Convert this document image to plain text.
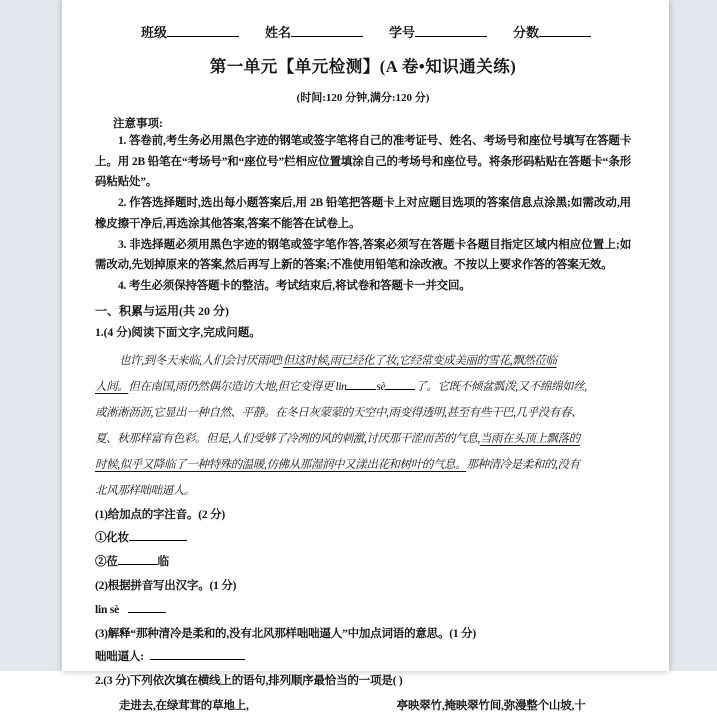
班级	姓名	学号	分数
第一单元【单元检测】(A 卷•知识通关练)
(时间:120 分钟,满分:120 分)
注意事项:
1. 答卷前,考生务必用黑色字迹的钢笔或签字笔将自己的准考证号、姓名、考场号和座位号填写在答题卡上。用 2B 铅笔在“考场号”和“座位号”栏相应位置填涂自己的考场号和座位号。将条形码粘贴在答题卡“条形码粘贴处”。
2. 作答选择题时,选出每小题答案后,用 2B 铅笔把答题卡上对应题目选项的答案信息点涂黑;如需改动,用橡皮擦干净后,再选涂其他答案,答案不能答在试卷上。
3. 非选择题必须用黑色字迹的钢笔或签字笔作答,答案必须写在答题卡各题目指定区域内相应位置上;如需改动,先划掉原来的答案,然后再写上新的答案;不准使用铅笔和涂改液。不按以上要求作答的答案无效。
4. 考生必须保持答题卡的整洁。考试结束后,将试卷和答题卡一并交回。
一、积累与运用(共 20 分)
1.(4 分)阅读下面文字,完成问题。
也许,到冬天来临,人们会讨厌雨吧!但这时候,雨已经化了妆,它经常变成美丽的雪花,飘然莅临
人间。但在南国,雨仍然偶尔造访大地,但它变得更 lin	sè	了。它既不倾盆瓢泼,又不绵绵如丝,
或淅淅沥沥,它显出一种自然、平静。在冬日灰蒙蒙的天空中,雨变得透明,甚至有些干巴,几乎没有春、
夏、秋那样富有色彩。但是,人们受够了冷冽的风的刺激,讨厌那干涩而苦的气息,当雨在头顶上飘落的
时候,似乎又降临了一种特殊的温暖,仿佛从那湿润中又漾出花和树叶的气息。那种清冷是柔和的,没有
北风那样咄咄逼人。
(1)给加点的字注音。(2 分)
①化妆
②莅	临
(2)根据拼音写出汉字。(1 分)
lin sè
(3)解释“那种清冷是柔和的,没有北风那样咄咄逼人”中加点词语的意思。(1 分)
咄咄逼人:
2.(3 分)下列依次填在横线上的语句,排列顺序最恰当的一项是( )
走进去,在绿茸茸的草地上,	亭映翠竹,掩映翠竹间,弥漫整个山坡,十
